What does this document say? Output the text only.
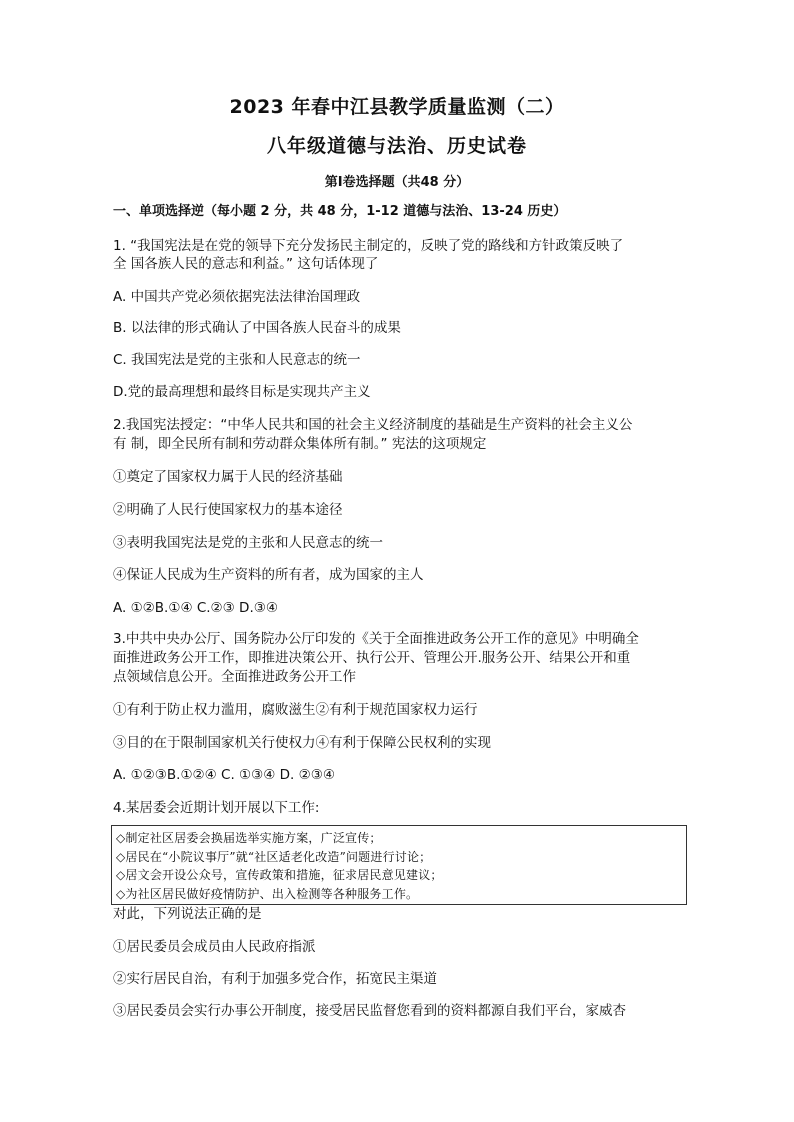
2023 年春中江县教学质量监测（二）
八年级道德与法治、历史试卷
第Ⅰ卷选择题（共48 分）
一、单项选择逆（每小题 2 分，共 48 分，1-12 道德与法治、13-24 历史）
1. “我国宪法是在党的领导下充分发扬民主制定的，反映了党的路线和方针政策反映了
全 国各族人民的意志和利益。” 这句话体现了
A. 中国共产党必须依据宪法法律治国理政
B. 以法律的形式确认了中国各族人民奋斗的成果
C. 我国宪法是党的主张和人民意志的统一
D.党的最高理想和最终目标是实现共产主义
2.我国宪法授定：“中华人民共和国的社会主义经济制度的基础是生产资料的社会主义公
有 制，即全民所有制和劳动群众集体所有制。” 宪法的这项规定
①奠定了国家权力属于人民的经济基础
②明确了人民行使国家权力的基本途径
③表明我国宪法是党的主张和人民意志的统一
④保证人民成为生产资料的所有者，成为国家的主人
A. ①②B.①④ C.②③ D.③④
3.中共中央办公厅、国务院办公厅印发的《关于全面推进政务公开工作的意见》中明确全
面推进政务公开工作，即推进决策公开、执行公开、管理公开.服务公开、结果公开和重
点领域信息公开。全面推进政务公开工作
①有利于防止权力滥用，腐败滋生②有利于规范国家权力运行
③目的在于限制国家机关行使权力④有利于保障公民权利的实现
A. ①②③B.①②④ C. ①③④ D. ②③④
4.某居委会近期计划开展以下工作:
◇制定社区居委会换届选举实施方案，广泛宣传；
◇居民在“小院议事厅”就“社区适老化改造”问题进行讨论；
◇居文会开设公众号，宣传政策和措施，征求居民意见建议；
◇为社区居民做好疫情防护、出入检测等各种服务工作。
对此，下列说法正确的是
①居民委员会成员由人民政府指派
②实行居民自治，有利于加强多党合作，拓宽民主渠道
③居民委员会实行办事公开制度，接受居民监督您看到的资料都源自我们平台，家威杏
